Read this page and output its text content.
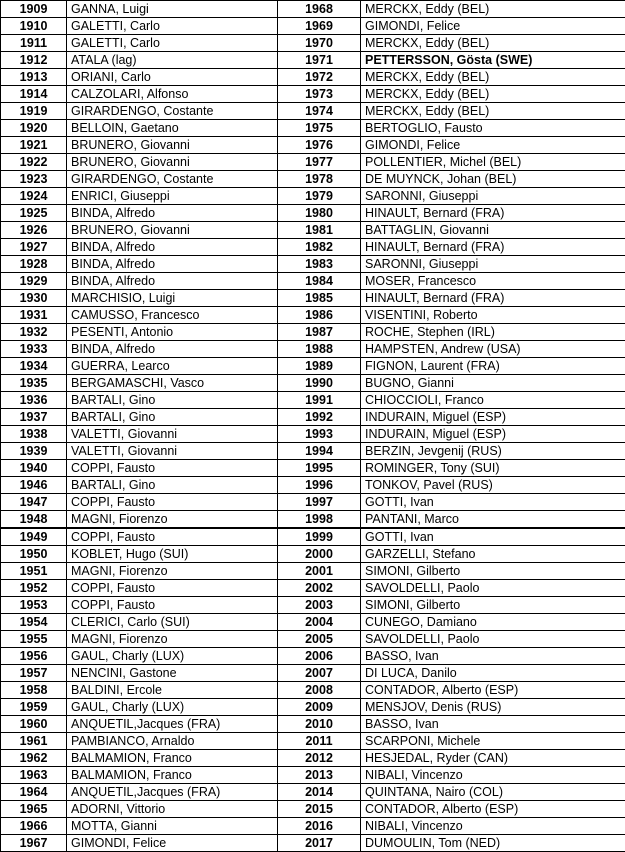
1909	GANNA, Luigi	1968	MERCKX, Eddy (BEL)
1910	GALETTI, Carlo	1969	GIMONDI, Felice
1911	GALETTI, Carlo	1970	MERCKX, Eddy (BEL)
1912	ATALA (lag)	1971	PETTERSSON, Gösta (SWE)
1913	ORIANI, Carlo	1972	MERCKX, Eddy (BEL)
1914	CALZOLARI, Alfonso	1973	MERCKX, Eddy (BEL)
1919	GIRARDENGO, Costante	1974	MERCKX, Eddy (BEL)
1920	BELLOIN, Gaetano	1975	BERTOGLIO, Fausto
1921	BRUNERO, Giovanni	1976	GIMONDI, Felice
1922	BRUNERO, Giovanni	1977	POLLENTIER, Michel (BEL)
1923	GIRARDENGO, Costante	1978	DE MUYNCK, Johan (BEL)
1924	ENRICI, Giuseppi	1979	SARONNI, Giuseppi
1925	BINDA, Alfredo	1980	HINAULT, Bernard (FRA)
1926	BRUNERO, Giovanni	1981	BATTAGLIN, Giovanni
1927	BINDA, Alfredo	1982	HINAULT, Bernard (FRA)
1928	BINDA, Alfredo	1983	SARONNI, Giuseppi
1929	BINDA, Alfredo	1984	MOSER, Francesco
1930	MARCHISIO, Luigi	1985	HINAULT, Bernard (FRA)
1931	CAMUSSO, Francesco	1986	VISENTINI, Roberto
1932	PESENTI, Antonio	1987	ROCHE, Stephen (IRL)
1933	BINDA, Alfredo	1988	HAMPSTEN, Andrew (USA)
1934	GUERRA, Learco	1989	FIGNON, Laurent (FRA)
1935	BERGAMASCHI, Vasco	1990	BUGNO, Gianni
1936	BARTALI, Gino	1991	CHIOCCIOLI, Franco
1937	BARTALI, Gino	1992	INDURAIN, Miguel (ESP)
1938	VALETTI, Giovanni	1993	INDURAIN, Miguel (ESP)
1939	VALETTI, Giovanni	1994	BERZIN, Jevgenij (RUS)
1940	COPPI, Fausto	1995	ROMINGER, Tony (SUI)
1946	BARTALI, Gino	1996	TONKOV, Pavel (RUS)
1947	COPPI, Fausto	1997	GOTTI, Ivan
1948	MAGNI, Fiorenzo	1998	PANTANI, Marco
1949	COPPI, Fausto	1999	GOTTI, Ivan
1950	KOBLET, Hugo (SUI)	2000	GARZELLI, Stefano
1951	MAGNI, Fiorenzo	2001	SIMONI, Gilberto
1952	COPPI, Fausto	2002	SAVOLDELLI, Paolo
1953	COPPI, Fausto	2003	SIMONI, Gilberto
1954	CLERICI, Carlo (SUI)	2004	CUNEGO, Damiano
1955	MAGNI, Fiorenzo	2005	SAVOLDELLI, Paolo
1956	GAUL, Charly (LUX)	2006	BASSO, Ivan
1957	NENCINI, Gastone	2007	DI LUCA, Danilo
1958	BALDINI, Ercole	2008	CONTADOR, Alberto (ESP)
1959	GAUL, Charly (LUX)	2009	MENSJOV, Denis (RUS)
1960	ANQUETIL,Jacques (FRA)	2010	BASSO, Ivan
1961	PAMBIANCO, Arnaldo	2011	SCARPONI, Michele
1962	BALMAMION, Franco	2012	HESJEDAL, Ryder (CAN)
1963	BALMAMION, Franco	2013	NIBALI, Vincenzo
1964	ANQUETIL,Jacques (FRA)	2014	QUINTANA, Nairo (COL)
1965	ADORNI, Vittorio	2015	CONTADOR, Alberto (ESP)
1966	MOTTA, Gianni	2016	NIBALI, Vincenzo
1967	GIMONDI, Felice	2017	DUMOULIN, Tom (NED)
